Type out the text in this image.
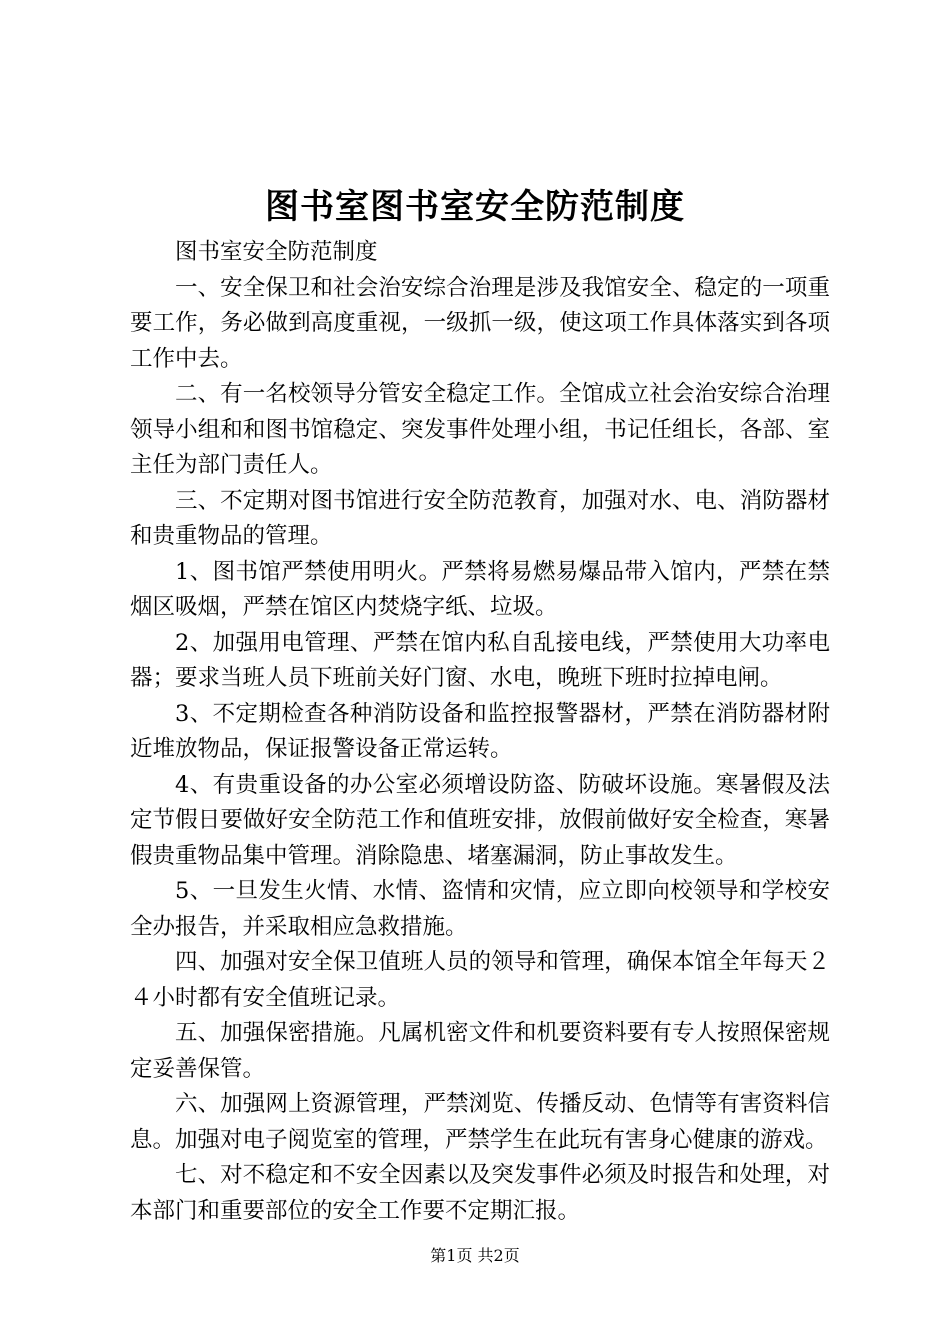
图书室图书室安全防范制度

图书室安全防范制度

一、安全保卫和社会治安综合治理是涉及我馆安全、稳定的一项重要工作，务必做到高度重视，一级抓一级，使这项工作具体落实到各项工作中去。

二、有一名校领导分管安全稳定工作。全馆成立社会治安综合治理领导小组和和图书馆稳定、突发事件处理小组，书记任组长，各部、室主任为部门责任人。

三、不定期对图书馆进行安全防范教育，加强对水、电、消防器材和贵重物品的管理。

1、图书馆严禁使用明火。严禁将易燃易爆品带入馆内，严禁在禁烟区吸烟，严禁在馆区内焚烧字纸、垃圾。

2、加强用电管理、严禁在馆内私自乱接电线，严禁使用大功率电器；要求当班人员下班前关好门窗、水电，晚班下班时拉掉电闸。

3、不定期检查各种消防设备和监控报警器材，严禁在消防器材附近堆放物品，保证报警设备正常运转。

4、有贵重设备的办公室必须增设防盗、防破坏设施。寒暑假及法定节假日要做好安全防范工作和值班安排，放假前做好安全检查，寒暑假贵重物品集中管理。消除隐患、堵塞漏洞，防止事故发生。

5、一旦发生火情、水情、盗情和灾情，应立即向校领导和学校安全办报告，并采取相应急救措施。

四、加强对安全保卫值班人员的领导和管理，确保本馆全年每天２４小时都有安全值班记录。

五、加强保密措施。凡属机密文件和机要资料要有专人按照保密规定妥善保管。

六、加强网上资源管理，严禁浏览、传播反动、色情等有害资料信息。加强对电子阅览室的管理，严禁学生在此玩有害身心健康的游戏。

七、对不稳定和不安全因素以及突发事件必须及时报告和处理，对本部门和重要部位的安全工作要不定期汇报。

第1页 共2页
